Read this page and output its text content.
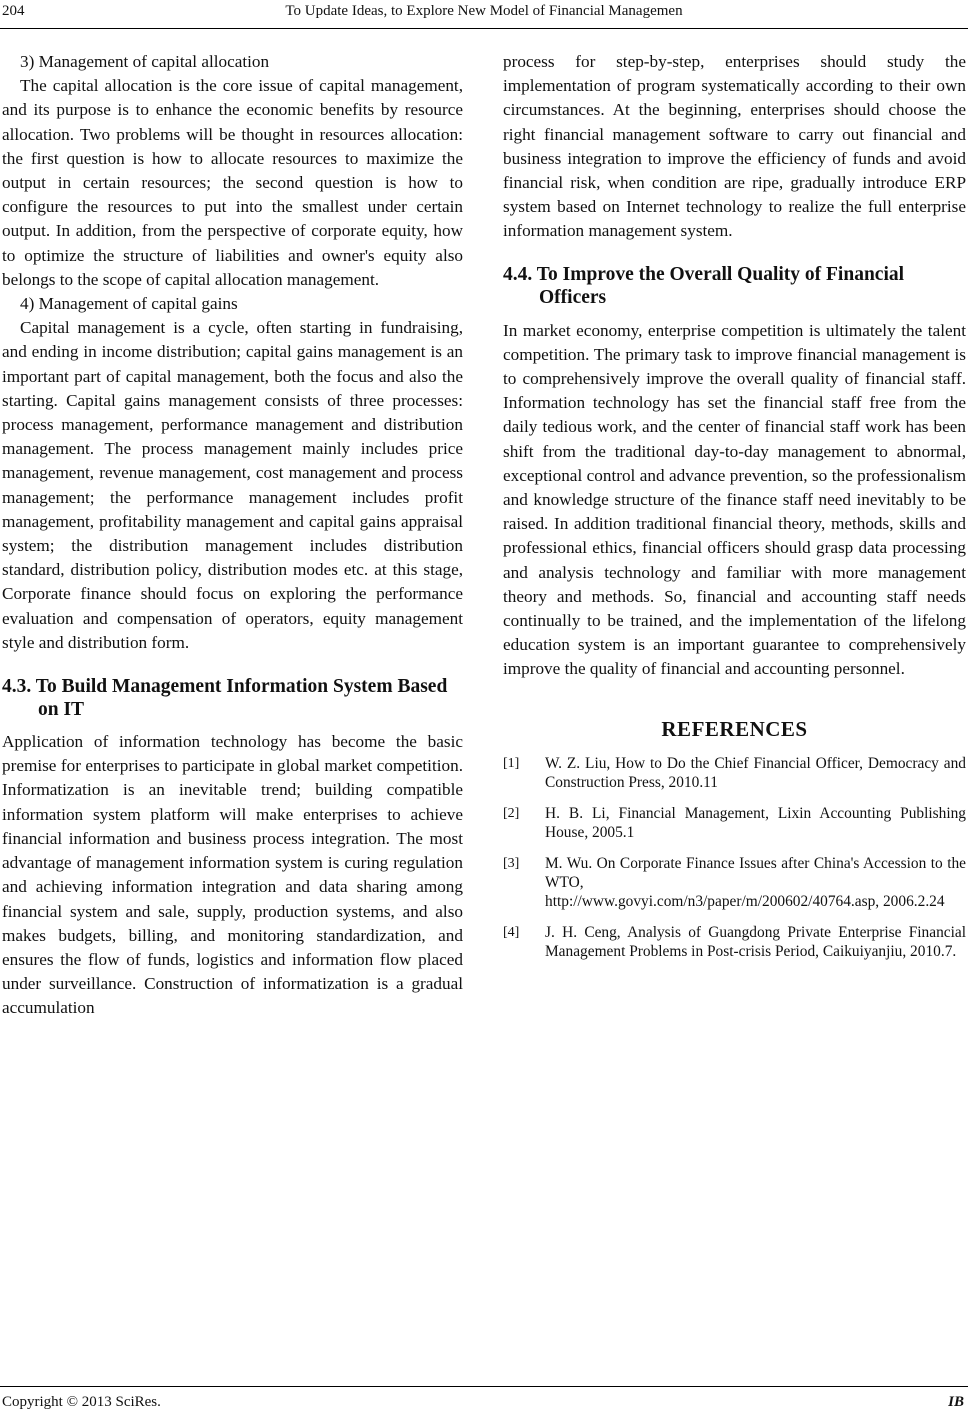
204	To Update Ideas, to Explore New Model of Financial Managemen

3) Management of capital allocation

The capital allocation is the core issue of capital management, and its purpose is to enhance the economic benefits by resource allocation. Two problems will be thought in resources allocation: the first question is how to allocate resources to maximize the output in certain resources; the second question is how to configure the resources to put into the smallest under certain output. In addition, from the perspective of corporate equity, how to optimize the structure of liabilities and owner's equity also belongs to the scope of capital allocation management.

4) Management of capital gains

Capital management is a cycle, often starting in fundraising, and ending in income distribution; capital gains management is an important part of capital management, both the focus and also the starting. Capital gains management consists of three processes: process management, performance management and distribution management. The process management mainly includes price management, revenue management, cost management and process management; the performance management includes profit management, profitability management and capital gains appraisal system; the distribution management includes distribution standard, distribution policy, distribution modes etc. at this stage, Corporate finance should focus on exploring the performance evaluation and compensation of operators, equity management style and distribution form.

4.3. To Build Management Information System Based on IT

Application of information technology has become the basic premise for enterprises to participate in global market competition. Informatization is an inevitable trend; building compatible information system platform will make enterprises to achieve financial information and business process integration. The most advantage of management information system is curing regulation and achieving information integration and data sharing among financial system and sale, supply, production systems, and also makes budgets, billing, and monitoring standardization, and ensures the flow of funds, logistics and information flow placed under surveillance. Construction of informatization is a gradual accumulation

process for step-by-step, enterprises should study the implementation of program systematically according to their own circumstances. At the beginning, enterprises should choose the right financial management software to carry out financial and business integration to improve the efficiency of funds and avoid financial risk, when condition are ripe, gradually introduce ERP system based on Internet technology to realize the full enterprise information management system.

4.4. To Improve the Overall Quality of Financial Officers

In market economy, enterprise competition is ultimately the talent competition. The primary task to improve financial management is to comprehensively improve the overall quality of financial staff. Information technology has set the financial staff free from the daily tedious work, and the center of financial staff work has been shift from the traditional day-to-day management to abnormal, exceptional control and advance prevention, so the professionalism and knowledge structure of the finance staff need inevitably to be raised. In addition traditional financial theory, methods, skills and professional ethics, financial officers should grasp data processing and analysis technology and familiar with more management theory and methods. So, financial and accounting staff needs continually to be trained, and the implementation of the lifelong education system is an important guarantee to comprehensively improve the quality of financial and accounting personnel.

REFERENCES
[1] W. Z. Liu, How to Do the Chief Financial Officer, Democracy and Construction Press, 2010.11
[2] H. B. Li, Financial Management, Lixin Accounting Publishing House, 2005.1
[3] M. Wu. On Corporate Finance Issues after China's Accession to the WTO,
http://www.govyi.com/n3/paper/m/200602/40764.asp, 2006.2.24
[4] J. H. Ceng, Analysis of Guangdong Private Enterprise Financial Management Problems in Post-crisis Period, Caikuiyanjiu, 2010.7.
Copyright © 2013 SciRes.	IB
